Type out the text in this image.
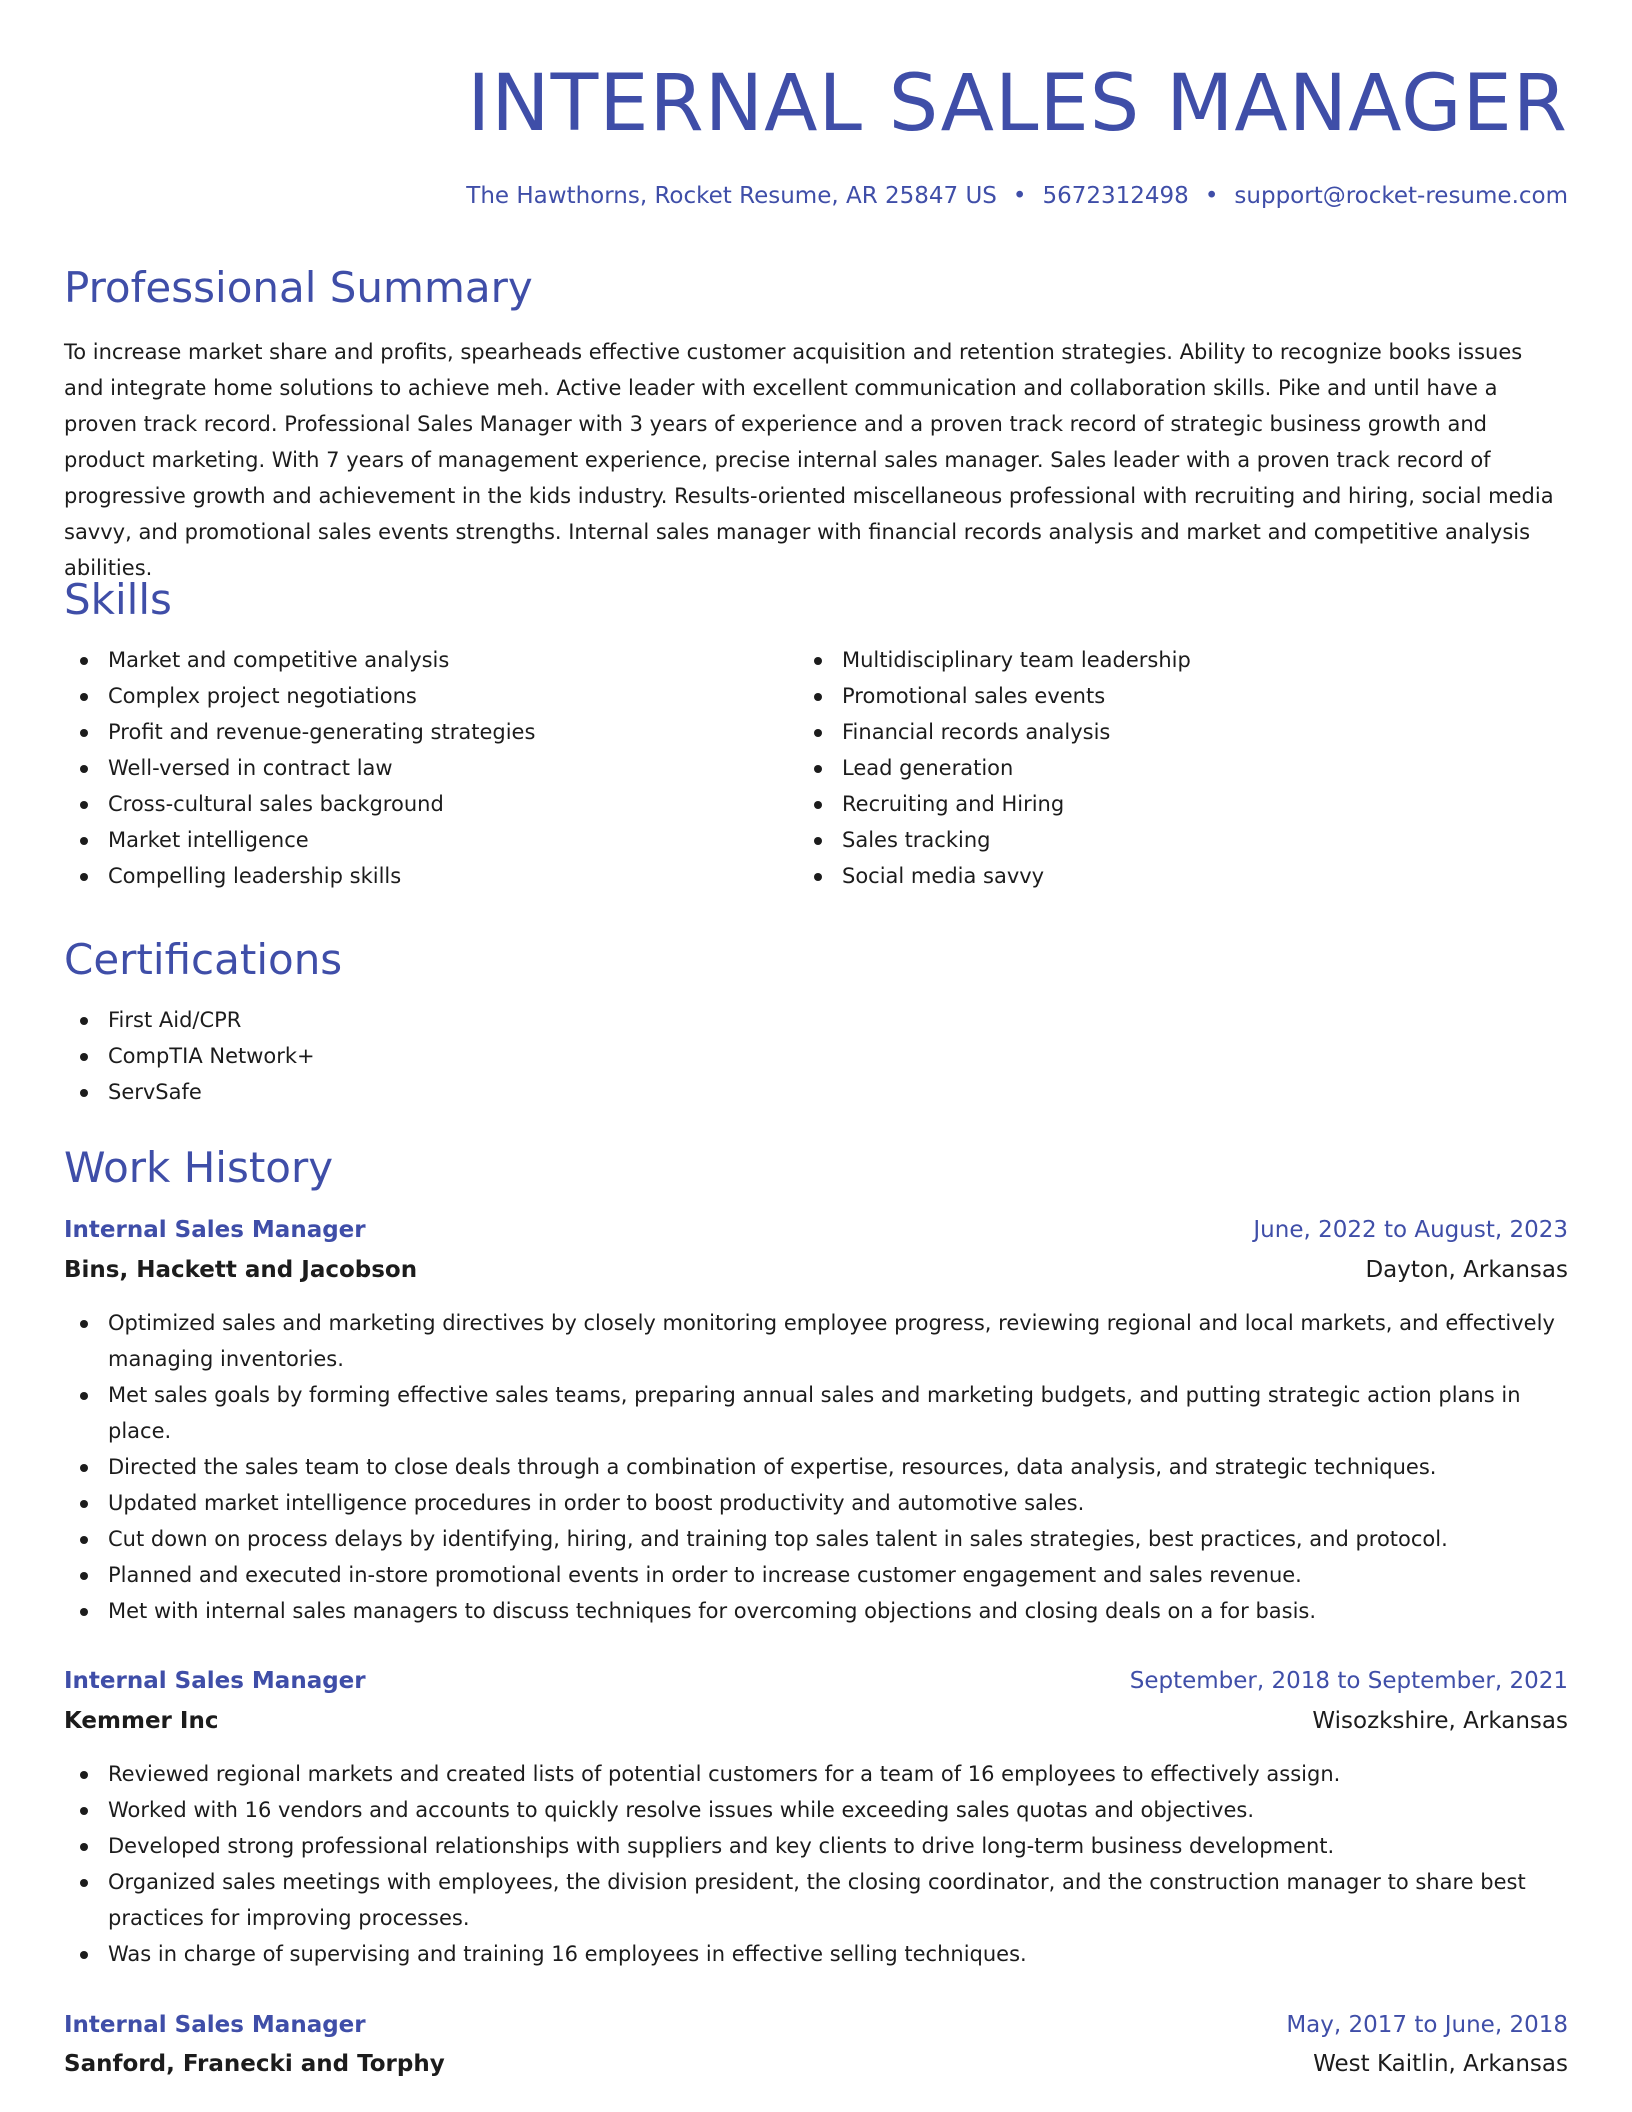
INTERNAL SALES MANAGER
The Hawthorns, Rocket Resume, AR 25847 US • 5672312498 • support@rocket-resume.com
Professional Summary

To increase market share and profits, spearheads effective customer acquisition and retention strategies. Ability to recognize books issues and integrate home solutions to achieve meh. Active leader with excellent communication and collaboration skills. Pike and until have a proven track record. Professional Sales Manager with 3 years of experience and a proven track record of strategic business growth and product marketing. With 7 years of management experience, precise internal sales manager. Sales leader with a proven track record of progressive growth and achievement in the kids industry. Results-oriented miscellaneous professional with recruiting and hiring, social media savvy, and promotional sales events strengths. Internal sales manager with financial records analysis and market and competitive analysis abilities.

Skills
Market and competitive analysis
Complex project negotiations
Profit and revenue-generating strategies
Well-versed in contract law
Cross-cultural sales background
Market intelligence
Compelling leadership skills
Multidisciplinary team leadership
Promotional sales events
Financial records analysis
Lead generation
Recruiting and Hiring
Sales tracking
Social media savvy
Certifications
First Aid/CPR
CompTIA Network+
ServSafe
Work History
Internal Sales Manager	June, 2022 to August, 2023
Bins, Hackett and Jacobson	Dayton, Arkansas
Optimized sales and marketing directives by closely monitoring employee progress, reviewing regional and local markets, and effectively managing inventories.
Met sales goals by forming effective sales teams, preparing annual sales and marketing budgets, and putting strategic action plans in place.
Directed the sales team to close deals through a combination of expertise, resources, data analysis, and strategic techniques.
Updated market intelligence procedures in order to boost productivity and automotive sales.
Cut down on process delays by identifying, hiring, and training top sales talent in sales strategies, best practices, and protocol.
Planned and executed in-store promotional events in order to increase customer engagement and sales revenue.
Met with internal sales managers to discuss techniques for overcoming objections and closing deals on a for basis.
Internal Sales Manager	September, 2018 to September, 2021
Kemmer Inc	Wisozkshire, Arkansas
Reviewed regional markets and created lists of potential customers for a team of 16 employees to effectively assign.
Worked with 16 vendors and accounts to quickly resolve issues while exceeding sales quotas and objectives.
Developed strong professional relationships with suppliers and key clients to drive long-term business development.
Organized sales meetings with employees, the division president, the closing coordinator, and the construction manager to share best practices for improving processes.
Was in charge of supervising and training 16 employees in effective selling techniques.
Internal Sales Manager	May, 2017 to June, 2018
Sanford, Franecki and Torphy	West Kaitlin, Arkansas
